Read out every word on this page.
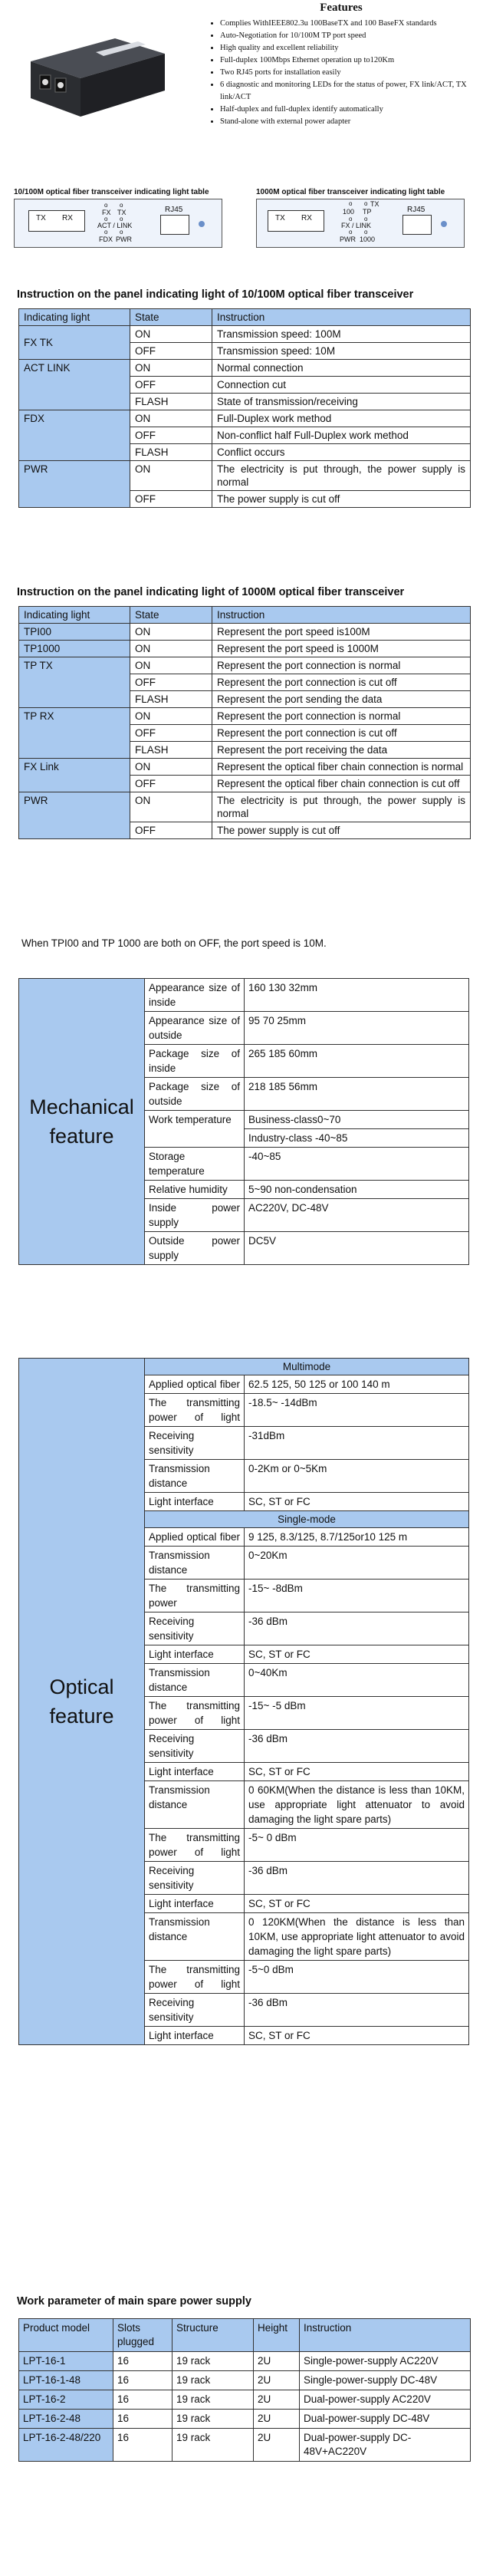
Features
• Complies WithIEEE802.3u 100BaseTX and 100 BaseFX standards
• Auto-Negotiation for 10/100M TP port speed
• High quality and excellent reliability
• Full-duplex 100Mbps Ethernet operation up to120Km
• Two RJ45 ports for installation easily
• 6 diagnostic and monitoring LEDs for the status of power, FX link/ACT, TX link/ACT
• Half-duplex and full-duplex identify automatically
• Stand-alone with external power adapter
10/100M optical fiber transceiver indicating light table
TX RX
o o
FX TX
o o
ACT / LINK
o o
FDX PWR
RJ45
1000M optical fiber transceiver indicating light table
TX RX
o o TX
100 TP
o o
FX / LINK
o o
PWR 1000
RJ45
Instruction on the panel indicating light of 10/100M optical fiber transceiver
Indicating light	State	Instruction
FX TK	ON	Transmission speed: 100M
	OFF	Transmission speed: 10M
ACT LINK	ON	Normal connection
	OFF	Connection cut
	FLASH	State of transmission/receiving
FDX	ON	Full-Duplex work method
	OFF	Non-conflict half Full-Duplex work method
	FLASH	Conflict occurs
PWR	ON	The electricity is put through, the power supply is normal
	OFF	The power supply is cut off
Instruction on the panel indicating light of 1000M optical fiber transceiver
Indicating light	State	Instruction
TPI00	ON	Represent the port speed is100M
TP1000	ON	Represent the port speed is 1000M
TP TX	ON	Represent the port connection is normal
	OFF	Represent the port connection is cut off
	FLASH	Represent the port sending the data
TP RX	ON	Represent the port connection is normal
	OFF	Represent the port connection is cut off
	FLASH	Represent the port receiving the data
FX Link	ON	Represent the optical fiber chain connection is normal
	OFF	Represent the optical fiber chain connection is cut off
PWR	ON	The electricity is put through, the power supply is normal
	OFF	The power supply is cut off
When TPI00 and TP 1000 are both on OFF, the port speed is 10M.
Mechanical feature	Appearance size of inside	160 130 32mm
	Appearance size of outside	95 70 25mm
	Package size of inside	265 185 60mm
	Package size of outside	218 185 56mm
	Work temperature	Business-class0~70
		Industry-class -40~85
	Storage temperature	-40~85
	Relative humidity	5~90 non-condensation
	Inside power supply	AC220V, DC-48V
	Outside power supply	DC5V
Optical feature	Multimode	
	Applied optical fiber	62.5 125, 50 125 or 100 140 m
	The transmitting power of light	-18.5~ -14dBm
	Receiving sensitivity	-31dBm
	Transmission distance	0-2Km or 0~5Km
	Light interface	SC, ST or FC
	Single-mode	
	Applied optical fiber	9 125, 8.3/125, 8.7/125or10 125 m
	Transmission distance	0~20Km
	The transmitting power	-15~ -8dBm
	Receiving sensitivity	-36 dBm
	Light interface	SC, ST or FC
	Transmission distance	0~40Km
	The transmitting power of light	-15~ -5 dBm
	Receiving sensitivity	-36 dBm
	Light interface	SC, ST or FC
	Transmission distance	0 60KM(When the distance is less than 10KM, use appropriate light attenuator to avoid damaging the light spare parts)
	The transmitting power of light	-5~ 0 dBm
	Receiving sensitivity	-36 dBm
	Light interface	SC, ST or FC
	Transmission distance	0 120KM(When the distance is less than 10KM, use appropriate light attenuator to avoid damaging the light spare parts)
	The transmitting power of light	-5~0 dBm
	Receiving sensitivity	-36 dBm
	Light interface	SC, ST or FC
Work parameter of main spare power supply
Product model	Slots plugged	Structure	Height	Instruction
LPT-16-1	16	19 rack	2U	Single-power-supply AC220V
LPT-16-1-48	16	19 rack	2U	Single-power-supply DC-48V
LPT-16-2	16	19 rack	2U	Dual-power-supply AC220V
LPT-16-2-48	16	19 rack	2U	Dual-power-supply DC-48V
LPT-16-2-48/220	16	19 rack	2U	Dual-power-supply DC-48V+AC220V
